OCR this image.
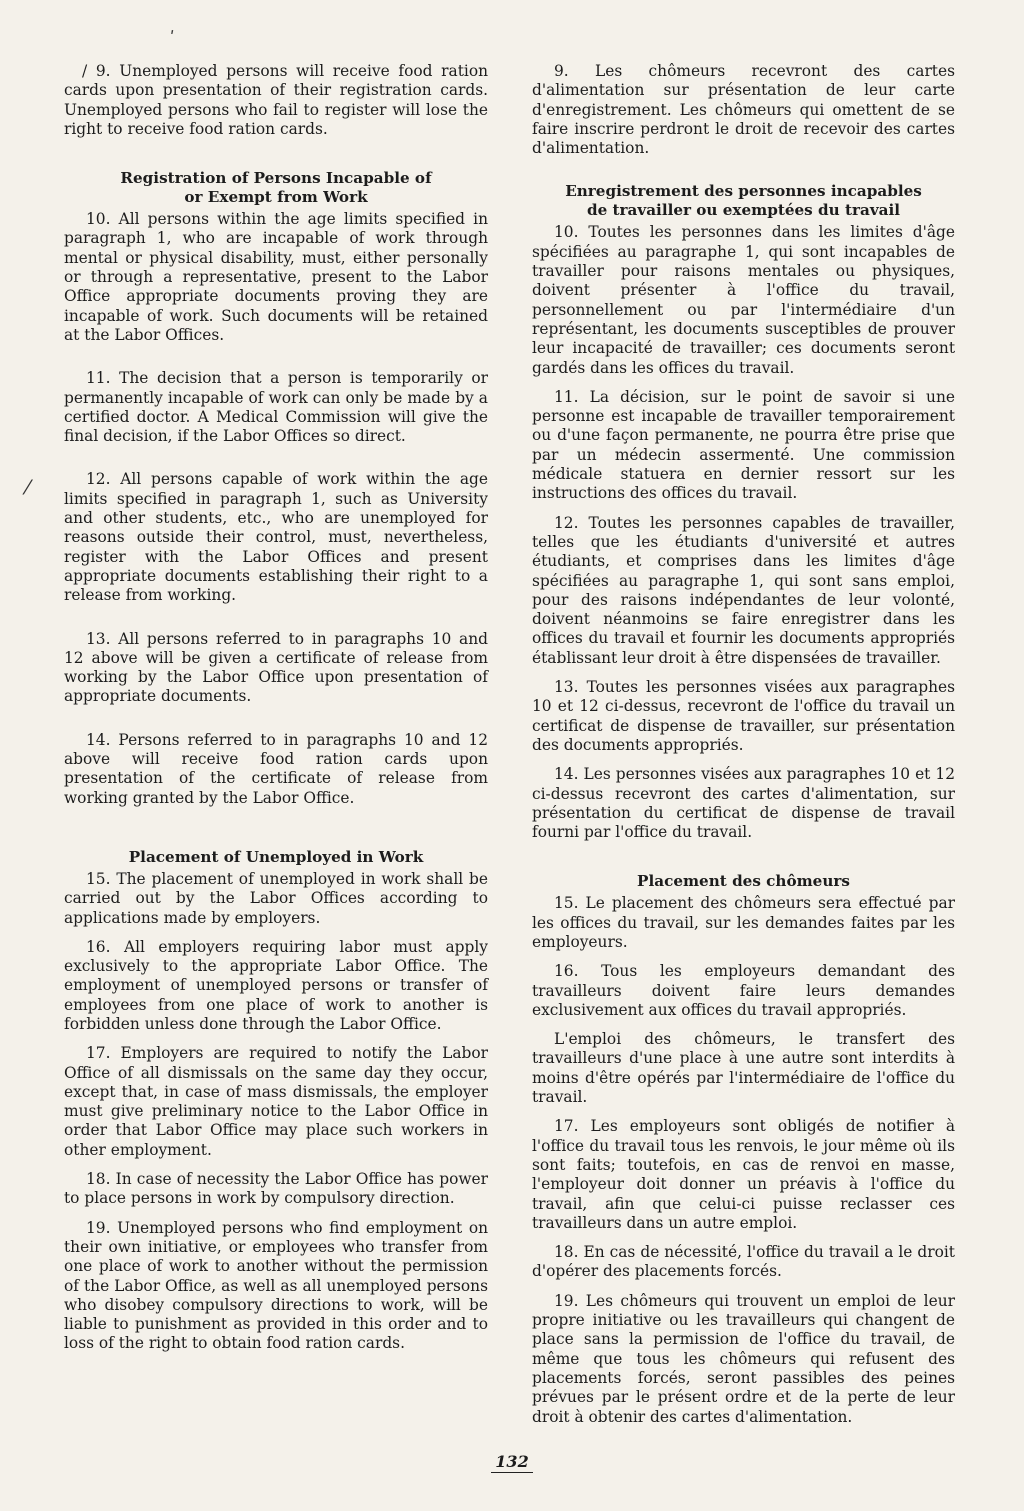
ʹ
⁄

/ 9. Unemployed persons will receive food ration cards upon presentation of their registration cards. Unemployed persons who fail to register will lose the right to receive food ration cards.

Registration of Persons Incapable of
or Exempt from Work

10. All persons within the age limits specified in paragraph 1, who are incapable of work through mental or physical disability, must, either personally or through a representative, present to the Labor Office appropriate documents proving they are incapable of work. Such documents will be retained at the Labor Offices.

11. The decision that a person is temporarily or permanently incapable of work can only be made by a certified doctor. A Medical Commission will give the final decision, if the Labor Offices so direct.

12. All persons capable of work within the age limits specified in paragraph 1, such as University and other students, etc., who are unemployed for reasons outside their control, must, nevertheless, register with the Labor Offices and present appropriate documents establishing their right to a release from working.

13. All persons referred to in paragraphs 10 and 12 above will be given a certificate of release from working by the Labor Office upon presentation of appropriate documents.

14. Persons referred to in paragraphs 10 and 12 above will receive food ration cards upon presentation of the certificate of release from working granted by the Labor Office.

Placement of Unemployed in Work

15. The placement of unemployed in work shall be carried out by the Labor Offices according to applications made by employers.

16. All employers requiring labor must apply exclusively to the appropriate Labor Office. The employment of unemployed persons or transfer of employees from one place of work to another is forbidden unless done through the Labor Office.

17. Employers are required to notify the Labor Office of all dismissals on the same day they occur, except that, in case of mass dismissals, the employer must give preliminary notice to the Labor Office in order that Labor Office may place such workers in other employment.

18. In case of necessity the Labor Office has power to place persons in work by compulsory direction.

19. Unemployed persons who find employment on their own initiative, or employees who transfer from one place of work to another without the permission of the Labor Office, as well as all unemployed persons who disobey compulsory directions to work, will be liable to punishment as provided in this order and to loss of the right to obtain food ration cards.

9. Les chômeurs recevront des cartes d'alimentation sur présentation de leur carte d'enregistrement. Les chômeurs qui omettent de se faire inscrire perdront le droit de recevoir des cartes d'alimentation.

Enregistrement des personnes incapables
de travailler ou exemptées du travail

10. Toutes les personnes dans les limites d'âge spécifiées au paragraphe 1, qui sont incapables de travailler pour raisons mentales ou physiques, doivent présenter à l'office du travail, personnellement ou par l'intermédiaire d'un représentant, les documents susceptibles de prouver leur incapacité de travailler; ces documents seront gardés dans les offices du travail.

11. La décision, sur le point de savoir si une personne est incapable de travailler temporairement ou d'une façon permanente, ne pourra être prise que par un médecin assermenté. Une commission médicale statuera en dernier ressort sur les instructions des offices du travail.

12. Toutes les personnes capables de travailler, telles que les étudiants d'université et autres étudiants, et comprises dans les limites d'âge spécifiées au paragraphe 1, qui sont sans emploi, pour des raisons indépendantes de leur volonté, doivent néanmoins se faire enregistrer dans les offices du travail et fournir les documents appropriés établissant leur droit à être dispensées de travailler.

13. Toutes les personnes visées aux paragraphes 10 et 12 ci-dessus, recevront de l'office du travail un certificat de dispense de travailler, sur présentation des documents appropriés.

14. Les personnes visées aux paragraphes 10 et 12 ci-dessus recevront des cartes d'alimentation, sur présentation du certificat de dispense de travail fourni par l'office du travail.

Placement des chômeurs

15. Le placement des chômeurs sera effectué par les offices du travail, sur les demandes faites par les employeurs.

16. Tous les employeurs demandant des travailleurs doivent faire leurs demandes exclusivement aux offices du travail appropriés.

L'emploi des chômeurs, le transfert des travailleurs d'une place à une autre sont interdits à moins d'être opérés par l'intermédiaire de l'office du travail.

17. Les employeurs sont obligés de notifier à l'office du travail tous les renvois, le jour même où ils sont faits; toutefois, en cas de renvoi en masse, l'employeur doit donner un préavis à l'office du travail, afin que celui-ci puisse reclasser ces travailleurs dans un autre emploi.

18. En cas de nécessité, l'office du travail a le droit d'opérer des placements forcés.

19. Les chômeurs qui trouvent un emploi de leur propre initiative ou les travailleurs qui changent de place sans la permission de l'office du travail, de même que tous les chômeurs qui refusent des placements forcés, seront passibles des peines prévues par le présent ordre et de la perte de leur droit à obtenir des cartes d'alimentation.

132
